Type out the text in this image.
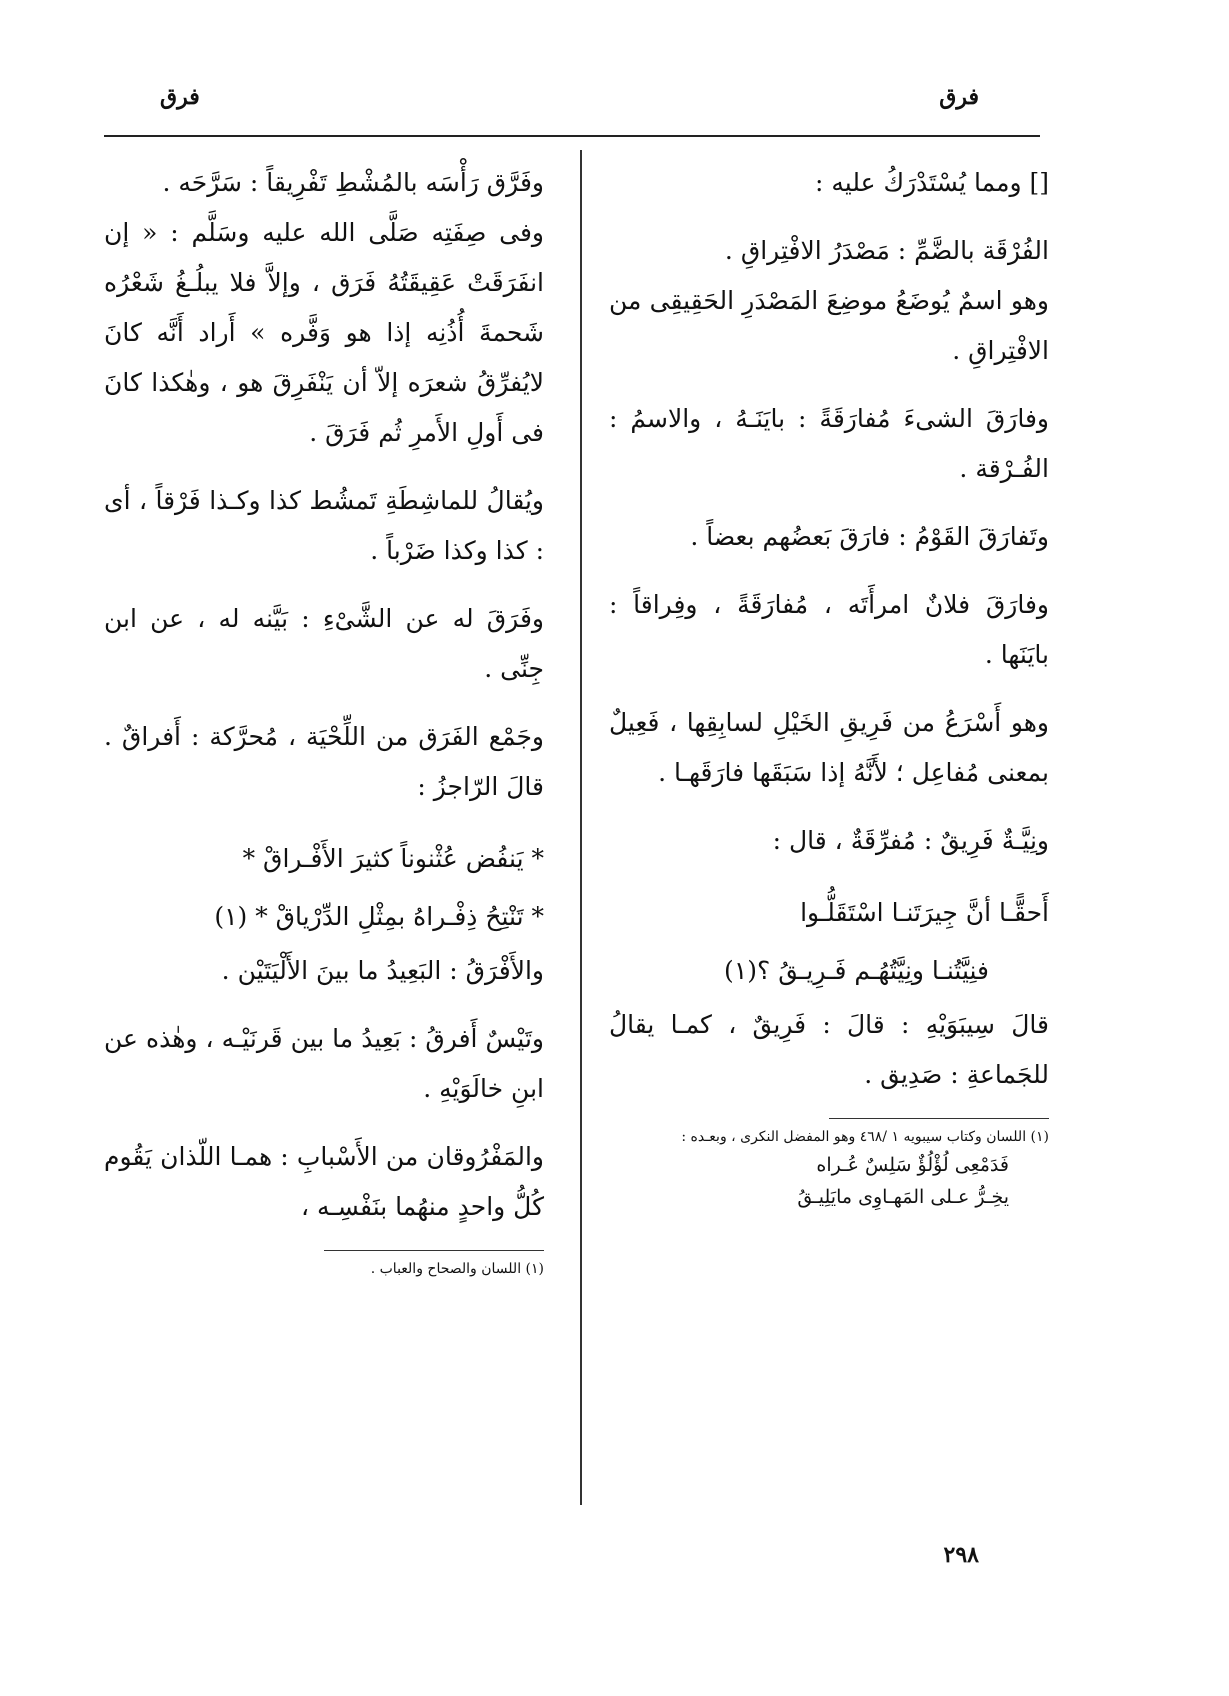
فرق
فرق

[] ومما يُسْتَدْرَكُ عليه :

الفُرْقَة بالضَّمِّ : مَصْدَرُ الافْتِراقِ .
وهو اسمٌ يُوضَعُ موضِعَ المَصْدَرِ الحَقِيقِى من الافْتِراقِ .

وفارَقَ الشىءَ مُفارَقَةً : بايَنَـهُ ، والاسمُ : الفُـرْقة .

وتَفارَقَ القَوْمُ : فارَقَ بَعضُهم بعضاً .

وفارَقَ فلانٌ امرأَتَه ، مُفارَقَةً ، وفِراقاً : بايَنَها .

وهو أَسْرَعُ من فَرِيقِ الخَيْلِ لسابِقِها ، فَعِيلٌ بمعنى مُفاعِل ؛ لأَنَّهُ إذا سَبَقَها فارَقَهـا .

ونِيَّـةٌ فَرِيقٌ : مُفرِّقَةٌ ، قال :

أَحقًّـا أنَّ جِيرَتَنـا اسْتَقَلُّـوا

فنِيَّتُنـا ونِيَّتُهُـم فَـرِيـقُ ؟(١)

قالَ سِيبَوَيْهِ : قالَ : فَرِيقٌ ، كمـا يقالُ للجَماعةِ : صَدِيق .

(١) اللسان وكتاب سيبويه ١ /٤٦٨ وهو المفضل النكرى ، وبعـده :

فَدَمْعِى لُؤْلُؤٌ سَلِسٌ عُـراه

يخِـرُّ عـلى المَهـاوِى مايَلِيـقُ

وفَرَّق رَأْسَه بالمُشْطِ تَفْرِيقاً : سَرَّحَه .
وفى صِفَتِه صَلَّى الله عليه وسَلَّم : « إن انفَرَقَتْ عَقِيقَتُهُ فَرَق ، وإلاَّ فلا يبلُـغُ شَعْرُه شَحمةَ أُذُنِه إذا هو وَفَّره » أَراد أَنَّه كانَ لايُفرِّقُ شعرَه إلاّ أن يَنْفَرِقَ هو ، وهٰكذا كانَ فى أَولِ الأَمرِ ثُم فَرَقَ .

ويُقالُ للماشِطَةِ تَمشُط كذا وكـذا فَرْقاً ، أى : كذا وكذا ضَرْباً .

وفَرَقَ له عن الشَّىْءِ : بَيَّنه له ، عن ابن جِنِّى .

وجَمْع الفَرَق من اللِّحْيَة ، مُحرَّكة : أَفراقٌ . قالَ الرّاجزُ :

* يَنفُض عُثْنوناً كثيرَ الأَفْـراقْ *

* تَنْتِحُ ذِفْـراهُ بمِثْلِ الدِّرْياقْ * (١)

والأَفْرَقُ : البَعِيدُ ما بينَ الأَلْيَتَيْن .

وتَيْسٌ أَفرقُ : بَعِيدُ ما بين قَرنَيْـه ، وهٰذه عن ابنِ خالَوَيْهِ .

والمَفْرُوقان من الأَسْبابِ : همـا اللّذان يَقُوم كُلُّ واحدٍ منهُما بنَفْسِـه ،

(١) اللسان والصحاح والعباب .

٢٩٨
